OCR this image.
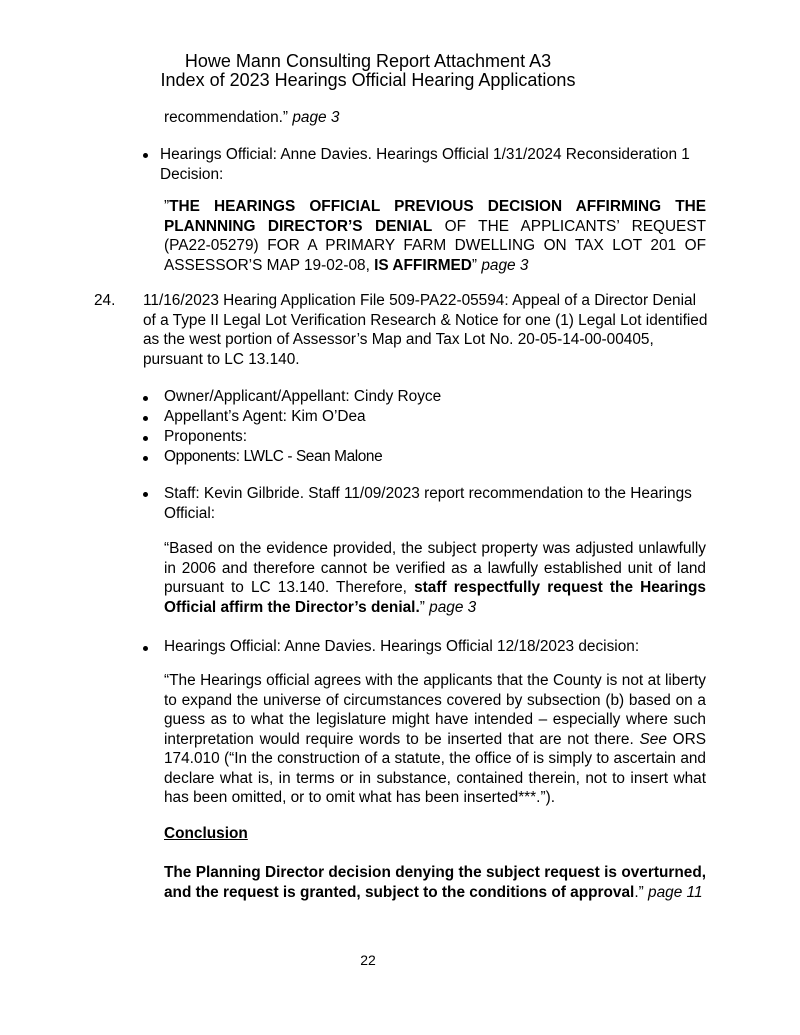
Howe Mann Consulting Report Attachment A3
Index of 2023 Hearings Official Hearing Applications
recommendation.” page 3
Hearings Official: Anne Davies. Hearings Official 1/31/2024 Reconsideration 1 Decision:
”THE HEARINGS OFFICIAL PREVIOUS DECISION AFFIRMING THE PLANNNING DIRECTOR’S DENIAL OF THE APPLICANTS’ REQUEST (PA22-05279) FOR A PRIMARY FARM DWELLING ON TAX LOT 201 OF ASSESSOR’S MAP 19-02-08, IS AFFIRMED” page 3
24. 11/16/2023 Hearing Application File 509-PA22-05594: Appeal of a Director Denial of a Type II Legal Lot Verification Research & Notice for one (1) Legal Lot identified as the west portion of Assessor’s Map and Tax Lot No. 20-05-14-00-00405, pursuant to LC 13.140.
Owner/Applicant/Appellant: Cindy Royce
Appellant’s Agent: Kim O’Dea
Proponents:
Opponents: LWLC - Sean Malone
Staff: Kevin Gilbride. Staff 11/09/2023 report recommendation to the Hearings Official:
“Based on the evidence provided, the subject property was adjusted unlawfully in 2006 and therefore cannot be verified as a lawfully established unit of land pursuant to LC 13.140. Therefore, staff respectfully request the Hearings Official affirm the Director’s denial.” page 3
Hearings Official: Anne Davies. Hearings Official 12/18/2023 decision:
“The Hearings official agrees with the applicants that the County is not at liberty to expand the universe of circumstances covered by subsection (b) based on a guess as to what the legislature might have intended – especially where such interpretation would require words to be inserted that are not there. See ORS 174.010 (“In the construction of a statute, the office of is simply to ascertain and declare what is, in terms or in substance, contained therein, not to insert what has been omitted, or to omit what has been inserted***.”).
Conclusion
The Planning Director decision denying the subject request is overturned, and the request is granted, subject to the conditions of approval.” page 11
22
